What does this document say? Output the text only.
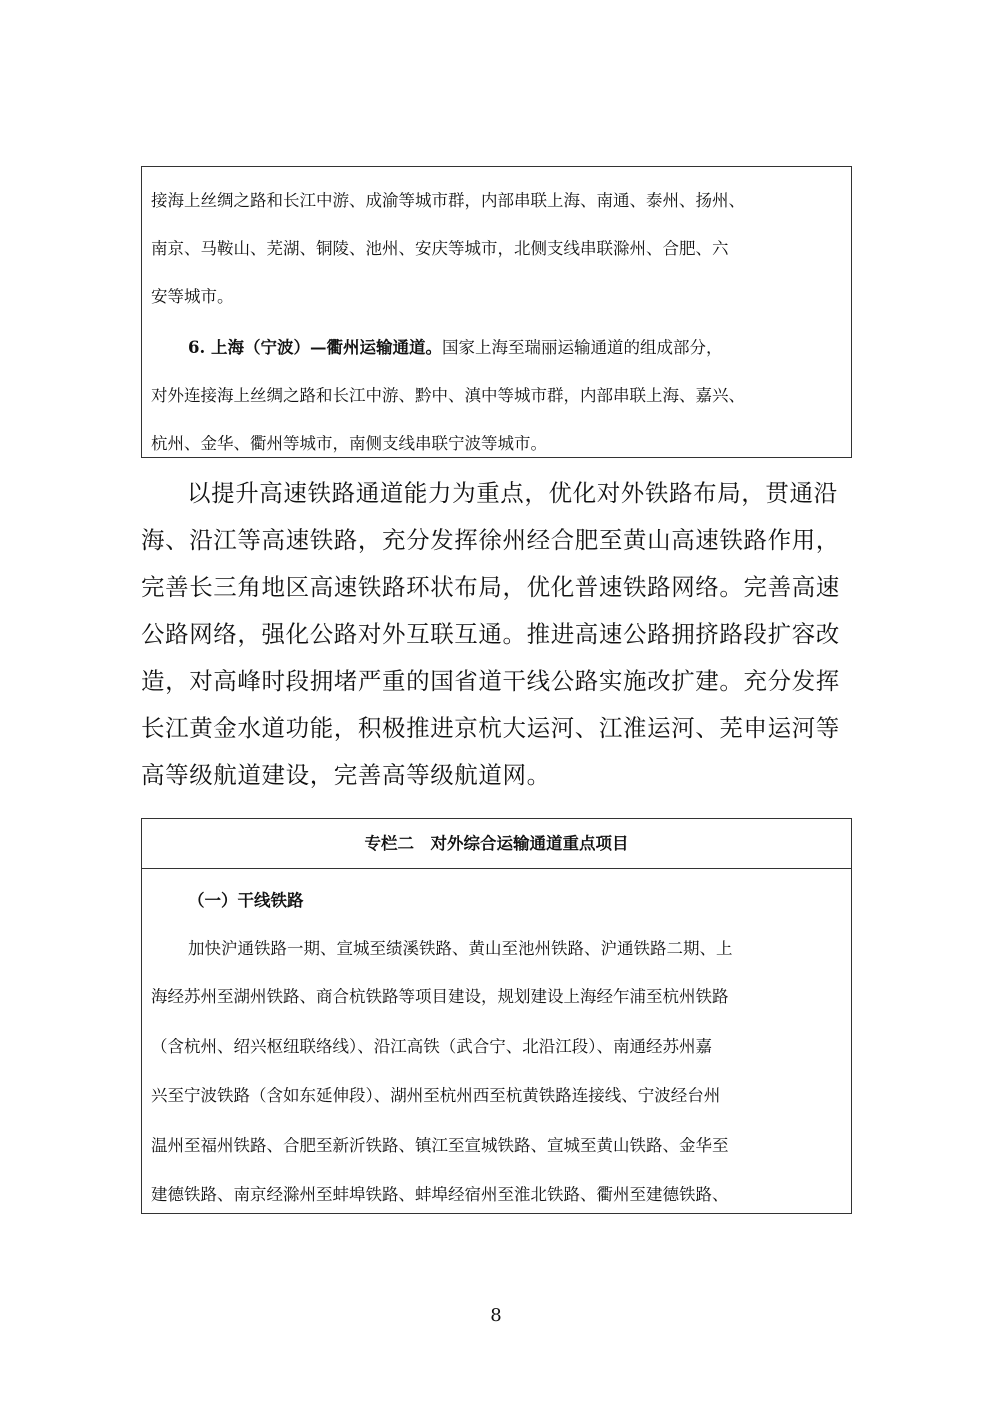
接海上丝绸之路和长江中游、成渝等城市群，内部串联上海、南通、泰州、扬州、
南京、马鞍山、芜湖、铜陵、池州、安庆等城市，北侧支线串联滁州、合肥、六
安等城市。
6. 上海（宁波）—衢州运输通道。国家上海至瑞丽运输通道的组成部分，
对外连接海上丝绸之路和长江中游、黔中、滇中等城市群，内部串联上海、嘉兴、
杭州、金华、衢州等城市，南侧支线串联宁波等城市。
以提升高速铁路通道能力为重点，优化对外铁路布局，贯通沿
海、沿江等高速铁路，充分发挥徐州经合肥至黄山高速铁路作用，
完善长三角地区高速铁路环状布局，优化普速铁路网络。完善高速
公路网络，强化公路对外互联互通。推进高速公路拥挤路段扩容改
造，对高峰时段拥堵严重的国省道干线公路实施改扩建。充分发挥
长江黄金水道功能，积极推进京杭大运河、江淮运河、芜申运河等
高等级航道建设，完善高等级航道网。
专栏二　对外综合运输通道重点项目
（一）干线铁路
加快沪通铁路一期、宣城至绩溪铁路、黄山至池州铁路、沪通铁路二期、上
海经苏州至湖州铁路、商合杭铁路等项目建设，规划建设上海经乍浦至杭州铁路
（含杭州、绍兴枢纽联络线）、沿江高铁（武合宁、北沿江段）、南通经苏州嘉
兴至宁波铁路（含如东延伸段）、湖州至杭州西至杭黄铁路连接线、宁波经台州
温州至福州铁路、合肥至新沂铁路、镇江至宣城铁路、宣城至黄山铁路、金华至
建德铁路、南京经滁州至蚌埠铁路、蚌埠经宿州至淮北铁路、衢州至建德铁路、
8
